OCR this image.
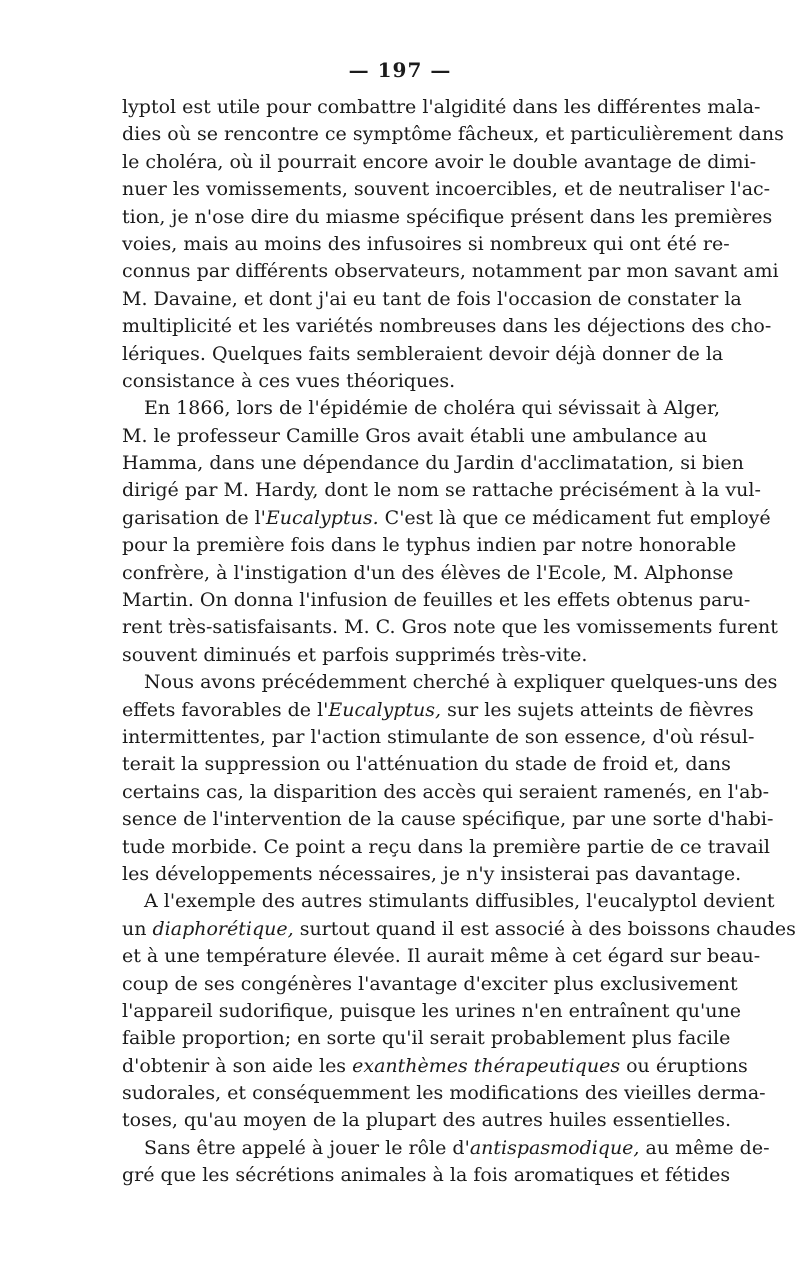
— 197 —
lyptol est utile pour combattre l'algidité dans les différentes mala-
dies où se rencontre ce symptôme fâcheux, et particulièrement dans
le choléra, où il pourrait encore avoir le double avantage de dimi-
nuer les vomissements, souvent incoercibles, et de neutraliser l'ac-
tion, je n'ose dire du miasme spécifique présent dans les premières
voies, mais au moins des infusoires si nombreux qui ont été re-
connus par différents observateurs, notamment par mon savant ami
M. Davaine, et dont j'ai eu tant de fois l'occasion de constater la
multiplicité et les variétés nombreuses dans les déjections des cho-
lériques. Quelques faits sembleraient devoir déjà donner de la
consistance à ces vues théoriques.
En 1866, lors de l'épidémie de choléra qui sévissait à Alger,
M. le professeur Camille Gros avait établi une ambulance au
Hamma, dans une dépendance du Jardin d'acclimatation, si bien
dirigé par M. Hardy, dont le nom se rattache précisément à la vul-
garisation de l'Eucalyptus. C'est là que ce médicament fut employé
pour la première fois dans le typhus indien par notre honorable
confrère, à l'instigation d'un des élèves de l'Ecole, M. Alphonse
Martin. On donna l'infusion de feuilles et les effets obtenus paru-
rent très-satisfaisants. M. C. Gros note que les vomissements furent
souvent diminués et parfois supprimés très-vite.
Nous avons précédemment cherché à expliquer quelques-uns des
effets favorables de l'Eucalyptus, sur les sujets atteints de fièvres
intermittentes, par l'action stimulante de son essence, d'où résul-
terait la suppression ou l'atténuation du stade de froid et, dans
certains cas, la disparition des accès qui seraient ramenés, en l'ab-
sence de l'intervention de la cause spécifique, par une sorte d'habi-
tude morbide. Ce point a reçu dans la première partie de ce travail
les développements nécessaires, je n'y insisterai pas davantage.
A l'exemple des autres stimulants diffusibles, l'eucalyptol devient
un diaphorétique, surtout quand il est associé à des boissons chaudes
et à une température élevée. Il aurait même à cet égard sur beau-
coup de ses congénères l'avantage d'exciter plus exclusivement
l'appareil sudorifique, puisque les urines n'en entraînent qu'une
faible proportion; en sorte qu'il serait probablement plus facile
d'obtenir à son aide les exanthèmes thérapeutiques ou éruptions
sudorales, et conséquemment les modifications des vieilles derma-
toses, qu'au moyen de la plupart des autres huiles essentielles.
Sans être appelé à jouer le rôle d'antispasmodique, au même de-
gré que les sécrétions animales à la fois aromatiques et fétides
